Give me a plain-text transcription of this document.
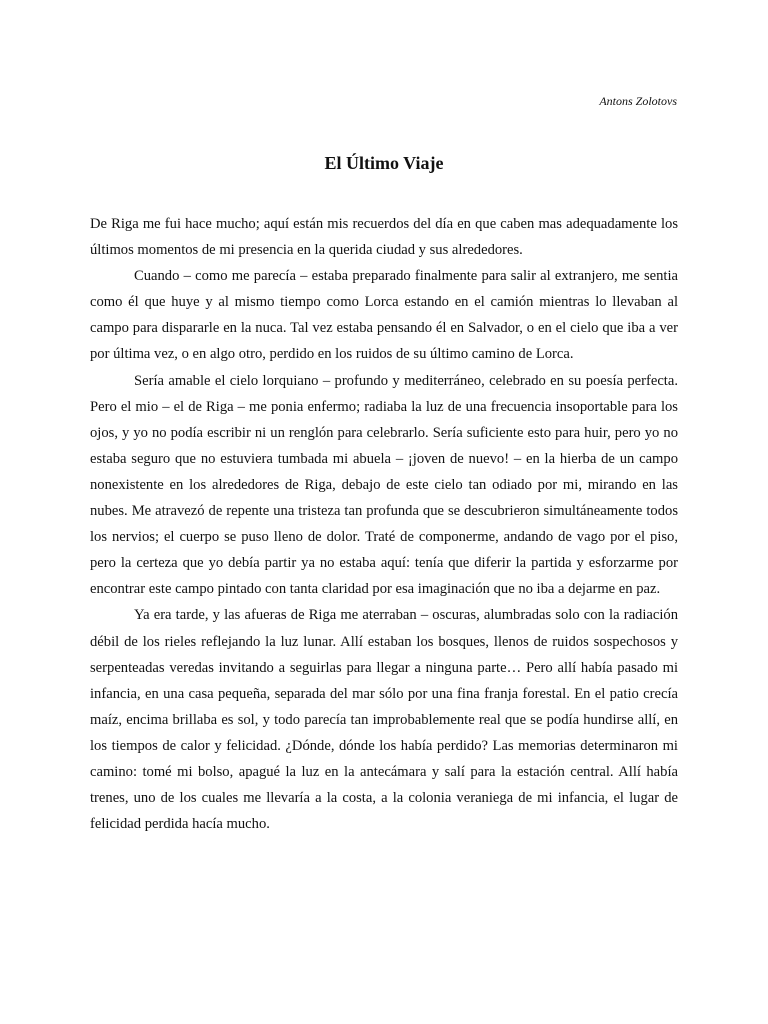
Antons Zolotovs
El Último Viaje

De Riga me fui hace mucho; aquí están mis recuerdos del día en que caben mas adequadamente los últimos momentos de mi presencia en la querida ciudad y sus alrededores.

Cuando – como me parecía – estaba preparado finalmente para salir al extranjero, me sentia como él que huye y al mismo tiempo como Lorca estando en el camión mientras lo llevaban al campo para dispararle en la nuca. Tal vez estaba pensando él en Salvador, o en el cielo que iba a ver por última vez, o en algo otro, perdido en los ruidos de su último camino de Lorca.

Sería amable el cielo lorquiano – profundo y mediterráneo, celebrado en su poesía perfecta. Pero el mio – el de Riga – me ponia enfermo; radiaba la luz de una frecuencia insoportable para los ojos, y yo no podía escribir ni un renglón para celebrarlo. Sería suficiente esto para huir, pero yo no estaba seguro que no estuviera tumbada mi abuela – ¡joven de nuevo! – en la hierba de un campo nonexistente en los alrededores de Riga, debajo de este cielo tan odiado por mi, mirando en las nubes. Me atravezó de repente una tristeza tan profunda que se descubrieron simultáneamente todos los nervios; el cuerpo se puso lleno de dolor. Traté de componerme, andando de vago por el piso, pero la certeza que yo debía partir ya no estaba aquí: tenía que diferir la partida y esforzarme por encontrar este campo pintado con tanta claridad por esa imaginación que no iba a dejarme en paz.

Ya era tarde, y las afueras de Riga me aterraban – oscuras, alumbradas solo con la radiación débil de los rieles reflejando la luz lunar. Allí estaban los bosques, llenos de ruidos sospechosos y serpenteadas veredas invitando a seguirlas para llegar a ninguna parte… Pero allí había pasado mi infancia, en una casa pequeña, separada del mar sólo por una fina franja forestal. En el patio crecía maíz, encima brillaba es sol, y todo parecía tan improbablemente real que se podía hundirse allí, en los tiempos de calor y felicidad. ¿Dónde, dónde los había perdido? Las memorias determinaron mi camino: tomé mi bolso, apagué la luz en la antecámara y salí para la estación central. Allí había trenes, uno de los cuales me llevaría a la costa, a la colonia veraniega de mi infancia, el lugar de felicidad perdida hacía mucho.
